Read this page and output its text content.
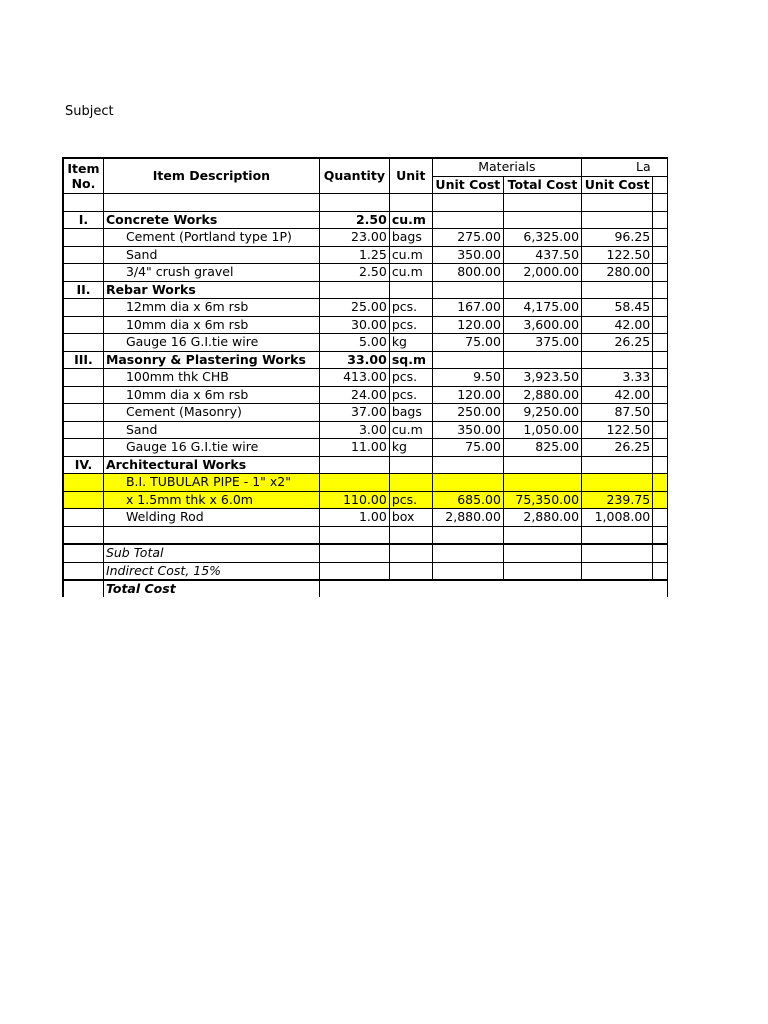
Subject
Item
No.	Item Description	Quantity	Unit	Materials		La	
				Unit Cost	Total Cost	Unit Cost	

I.	Concrete Works	2.50	cu.m				
	Cement (Portland type 1P)	23.00	bags	275.00	6,325.00	96.25	
	Sand	1.25	cu.m	350.00	437.50	122.50	
	3/4" crush gravel	2.50	cu.m	800.00	2,000.00	280.00	
II.	Rebar Works						
	12mm dia x 6m rsb	25.00	pcs.	167.00	4,175.00	58.45	
	10mm dia x 6m rsb	30.00	pcs.	120.00	3,600.00	42.00	
	Gauge 16 G.I.tie wire	5.00	kg	75.00	375.00	26.25	
III.	Masonry & Plastering Works	33.00	sq.m				
	100mm thk CHB	413.00	pcs.	9.50	3,923.50	3.33	
	10mm dia x 6m rsb	24.00	pcs.	120.00	2,880.00	42.00	
	Cement (Masonry)	37.00	bags	250.00	9,250.00	87.50	
	Sand	3.00	cu.m	350.00	1,050.00	122.50	
	Gauge 16 G.I.tie wire	11.00	kg	75.00	825.00	26.25	
IV.	Architectural Works						
	B.I. TUBULAR PIPE - 1" x2"						
	x 1.5mm thk x 6.0m	110.00	pcs.	685.00	75,350.00	239.75	
	Welding Rod	1.00	box	2,880.00	2,880.00	1,008.00	

	Sub Total						
	Indirect Cost, 15%						
	Total Cost						
